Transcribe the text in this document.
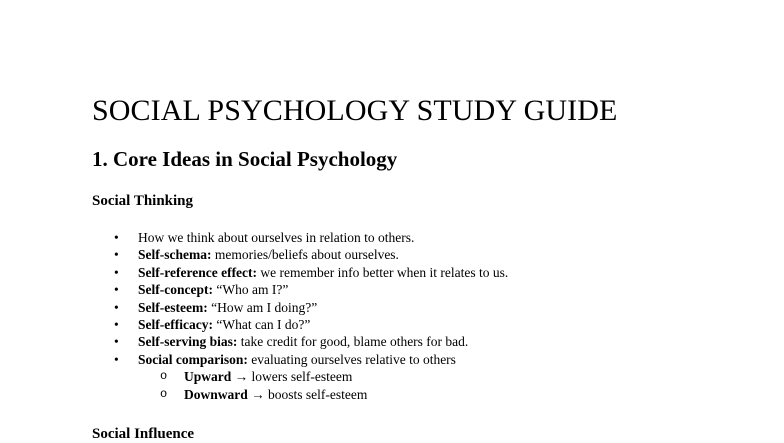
SOCIAL PSYCHOLOGY STUDY GUIDE
1. Core Ideas in Social Psychology
Social Thinking
• How we think about ourselves in relation to others.
• Self-schema: memories/beliefs about ourselves.
• Self-reference effect: we remember info better when it relates to us.
• Self-concept: “Who am I?”
• Self-esteem: “How am I doing?”
• Self-efficacy: “What can I do?”
• Self-serving bias: take credit for good, blame others for bad.
• Social comparison: evaluating ourselves relative to others
o Upward → lowers self-esteem
o Downward → boosts self-esteem
Social Influence
